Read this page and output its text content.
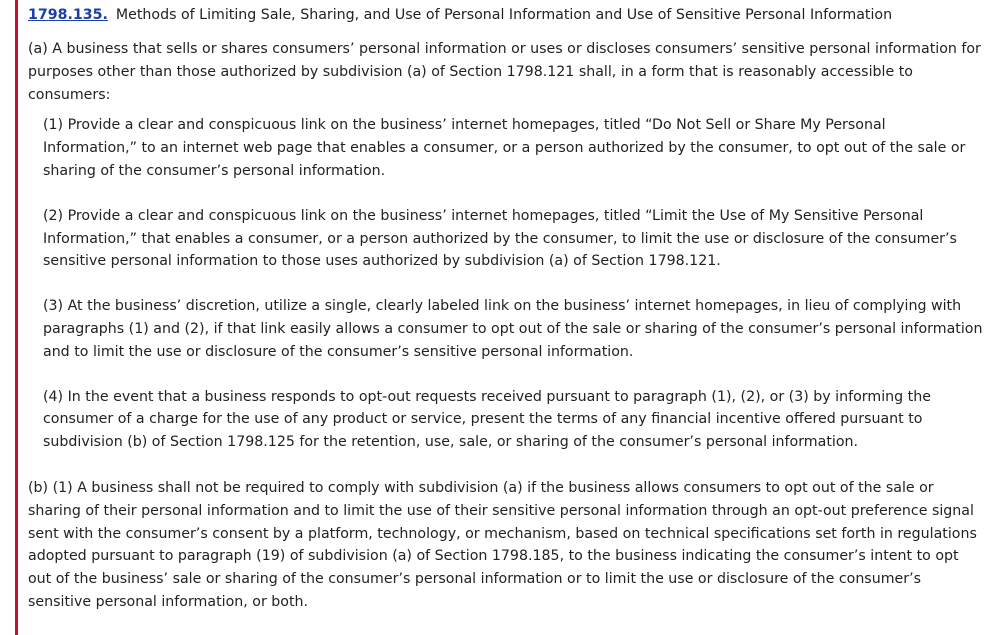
1798.135. Methods of Limiting Sale, Sharing, and Use of Personal Information and Use of Sensitive Personal Information

(a) A business that sells or shares consumers’ personal information or uses or discloses consumers’ sensitive personal information for purposes other than those authorized by subdivision (a) of Section 1798.121 shall, in a form that is reasonably accessible to consumers:

(1) Provide a clear and conspicuous link on the business’ internet homepages, titled “Do Not Sell or Share My Personal Information,” to an internet web page that enables a consumer, or a person authorized by the consumer, to opt out of the sale or sharing of the consumer’s personal information.

(2) Provide a clear and conspicuous link on the business’ internet homepages, titled “Limit the Use of My Sensitive Personal Information,” that enables a consumer, or a person authorized by the consumer, to limit the use or disclosure of the consumer’s sensitive personal information to those uses authorized by subdivision (a) of Section 1798.121.

(3) At the business’ discretion, utilize a single, clearly labeled link on the business’ internet homepages, in lieu of complying with paragraphs (1) and (2), if that link easily allows a consumer to opt out of the sale or sharing of the consumer’s personal information and to limit the use or disclosure of the consumer’s sensitive personal information.

(4) In the event that a business responds to opt-out requests received pursuant to paragraph (1), (2), or (3) by informing the consumer of a charge for the use of any product or service, present the terms of any financial incentive offered pursuant to subdivision (b) of Section 1798.125 for the retention, use, sale, or sharing of the consumer’s personal information.

(b) (1) A business shall not be required to comply with subdivision (a) if the business allows consumers to opt out of the sale or sharing of their personal information and to limit the use of their sensitive personal information through an opt-out preference signal sent with the consumer’s consent by a platform, technology, or mechanism, based on technical specifications set forth in regulations adopted pursuant to paragraph (19) of subdivision (a) of Section 1798.185, to the business indicating the consumer’s intent to opt out of the business’ sale or sharing of the consumer’s personal information or to limit the use or disclosure of the consumer’s sensitive personal information, or both.
